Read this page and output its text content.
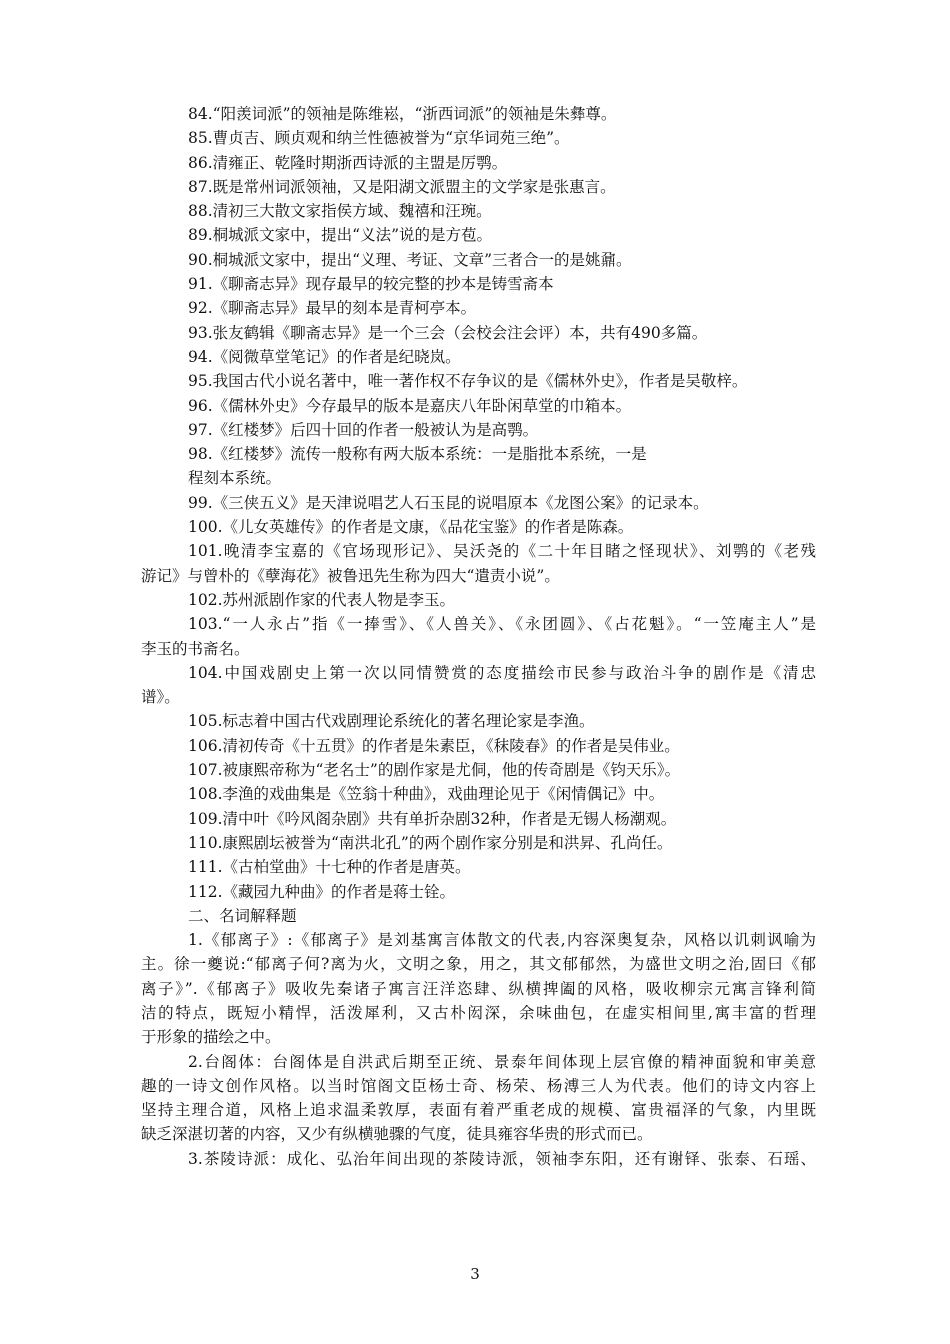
84.“阳羡词派”的领袖是陈维崧，“浙西词派”的领袖是朱彝尊。
85.曹贞吉、顾贞观和纳兰性德被誉为“京华词苑三绝”。
86.清雍正、乾隆时期浙西诗派的主盟是厉鹗。
87.既是常州词派领袖，又是阳湖文派盟主的文学家是张惠言。
88.清初三大散文家指侯方域、魏禧和汪琬。
89.桐城派文家中，提出“义法”说的是方苞。
90.桐城派文家中，提出“义理、考证、文章”三者合一的是姚鼐。
91.《聊斋志异》现存最早的较完整的抄本是铸雪斋本
92.《聊斋志异》最早的刻本是青柯亭本。
93.张友鹤辑《聊斋志异》是一个三会（会校会注会评）本，共有490多篇。
94.《阅微草堂笔记》的作者是纪晓岚。
95.我国古代小说名著中，唯一著作权不存争议的是《儒林外史》，作者是吴敬梓。
96.《儒林外史》今存最早的版本是嘉庆八年卧闲草堂的巾箱本。
97.《红楼梦》后四十回的作者一般被认为是高鹗。
98.《红楼梦》流传一般称有两大版本系统：一是脂批本系统，一是
程刻本系统。
99.《三侠五义》是天津说唱艺人石玉昆的说唱原本《龙图公案》的记录本。
100.《儿女英雄传》的作者是文康，《品花宝鉴》的作者是陈森。
101.晚清李宝嘉的《官场现形记》、吴沃尧的《二十年目睹之怪现状》、刘鹗的《老残
游记》与曾朴的《孽海花》被鲁迅先生称为四大“遣责小说”。
102.苏州派剧作家的代表人物是李玉。
103.“一人永占”指《一捧雪》、《人兽关》、《永团圆》、《占花魁》。“一笠庵主人”是
李玉的书斋名。
104.中国戏剧史上第一次以同情赞赏的态度描绘市民参与政治斗争的剧作是《清忠
谱》。
105.标志着中国古代戏剧理论系统化的著名理论家是李渔。
106.清初传奇《十五贯》的作者是朱素臣，《秣陵春》的作者是吴伟业。
107.被康熙帝称为“老名士”的剧作家是尤侗，他的传奇剧是《钧天乐》。
108.李渔的戏曲集是《笠翁十种曲》，戏曲理论见于《闲情偶记》中。
109.清中叶《吟风阁杂剧》共有单折杂剧32种，作者是无锡人杨潮观。
110.康熙剧坛被誉为“南洪北孔”的两个剧作家分别是和洪昇、孔尚任。
111.《古柏堂曲》十七种的作者是唐英。
112.《藏园九种曲》的作者是蒋士铨。
二、名词解释题
1.《郁离子》:《郁离子》是刘基寓言体散文的代表,内容深奥复杂，风格以讥刺讽喻为
主。徐一夔说:“郁离子何?离为火，文明之象，用之，其文郁郁然，为盛世文明之治,固曰《郁
离子》”.《郁离子》吸收先秦诸子寓言汪洋恣肆、纵横捭阖的风格，吸收柳宗元寓言锋利简
洁的特点，既短小精悍，活泼犀利，又古朴闳深，余味曲包，在虚实相间里,寓丰富的哲理
于形象的描绘之中。
2.台阁体：台阁体是自洪武后期至正统、景泰年间体现上层官僚的精神面貌和审美意
趣的一诗文创作风格。以当时馆阁文臣杨士奇、杨荣、杨溥三人为代表。他们的诗文内容上
坚持主理合道，风格上追求温柔敦厚，表面有着严重老成的规模、富贵福泽的气象，内里既
缺乏深湛切著的内容，又少有纵横驰骤的气度，徒具雍容华贵的形式而已。
3.茶陵诗派：成化、弘治年间出现的茶陵诗派，领袖李东阳，还有谢铎、张泰、石瑶、
3
